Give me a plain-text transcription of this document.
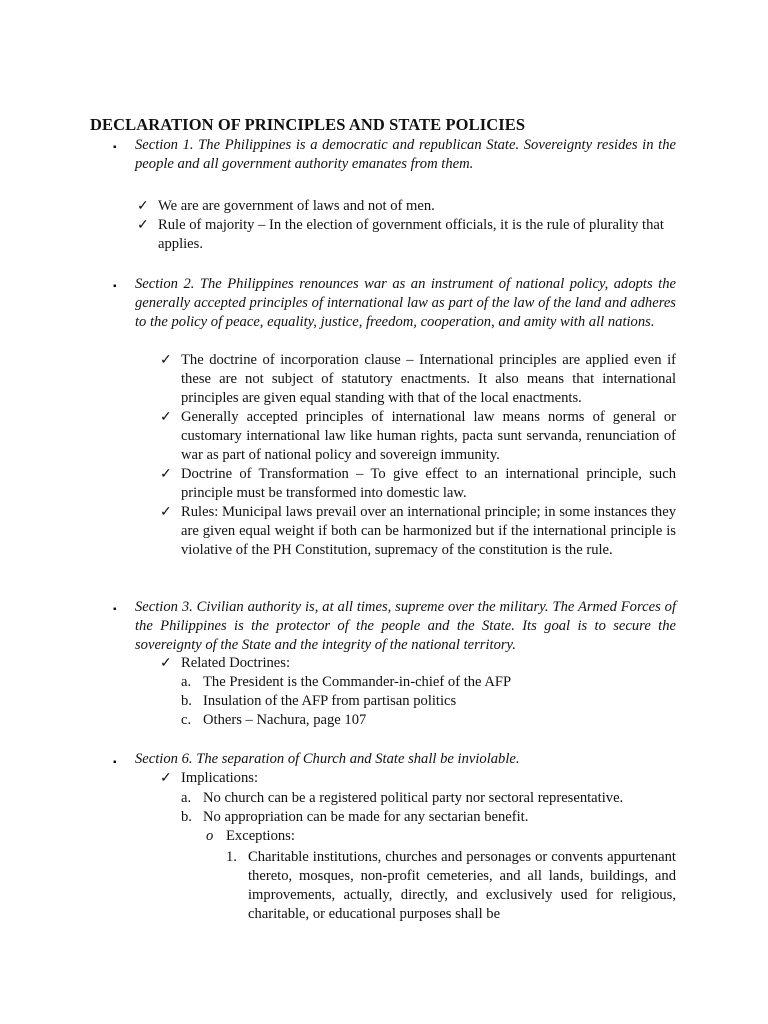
DECLARATION OF PRINCIPLES AND STATE POLICIES
▪ Section 1. The Philippines is a democratic and republican State. Sovereignty resides in the people and all government authority emanates from them.
✓ We are are government of laws and not of men.
✓ Rule of majority – In the election of government officials, it is the rule of plurality that applies.
▪ Section 2. The Philippines renounces war as an instrument of national policy, adopts the generally accepted principles of international law as part of the law of the land and adheres to the policy of peace, equality, justice, freedom, cooperation, and amity with all nations.
✓ The doctrine of incorporation clause – International principles are applied even if these are not subject of statutory enactments. It also means that international principles are given equal standing with that of the local enactments.
✓ Generally accepted principles of international law means norms of general or customary international law like human rights, pacta sunt servanda, renunciation of war as part of national policy and sovereign immunity.
✓ Doctrine of Transformation – To give effect to an international principle, such principle must be transformed into domestic law.
✓ Rules: Municipal laws prevail over an international principle; in some instances they are given equal weight if both can be harmonized but if the international principle is violative of the PH Constitution, supremacy of the constitution is the rule.
▪ Section 3. Civilian authority is, at all times, supreme over the military. The Armed Forces of the Philippines is the protector of the people and the State. Its goal is to secure the sovereignty of the State and the integrity of the national territory.
✓ Related Doctrines:
a. The President is the Commander-in-chief of the AFP
b. Insulation of the AFP from partisan politics
c. Others – Nachura, page 107
▪ Section 6. The separation of Church and State shall be inviolable.
✓ Implications:
a. No church can be a registered political party nor sectoral representative.
b. No appropriation can be made for any sectarian benefit.
o Exceptions:
1. Charitable institutions, churches and personages or convents appurtenant thereto, mosques, non-profit cemeteries, and all lands, buildings, and improvements, actually, directly, and exclusively used for religious, charitable, or educational purposes shall be
